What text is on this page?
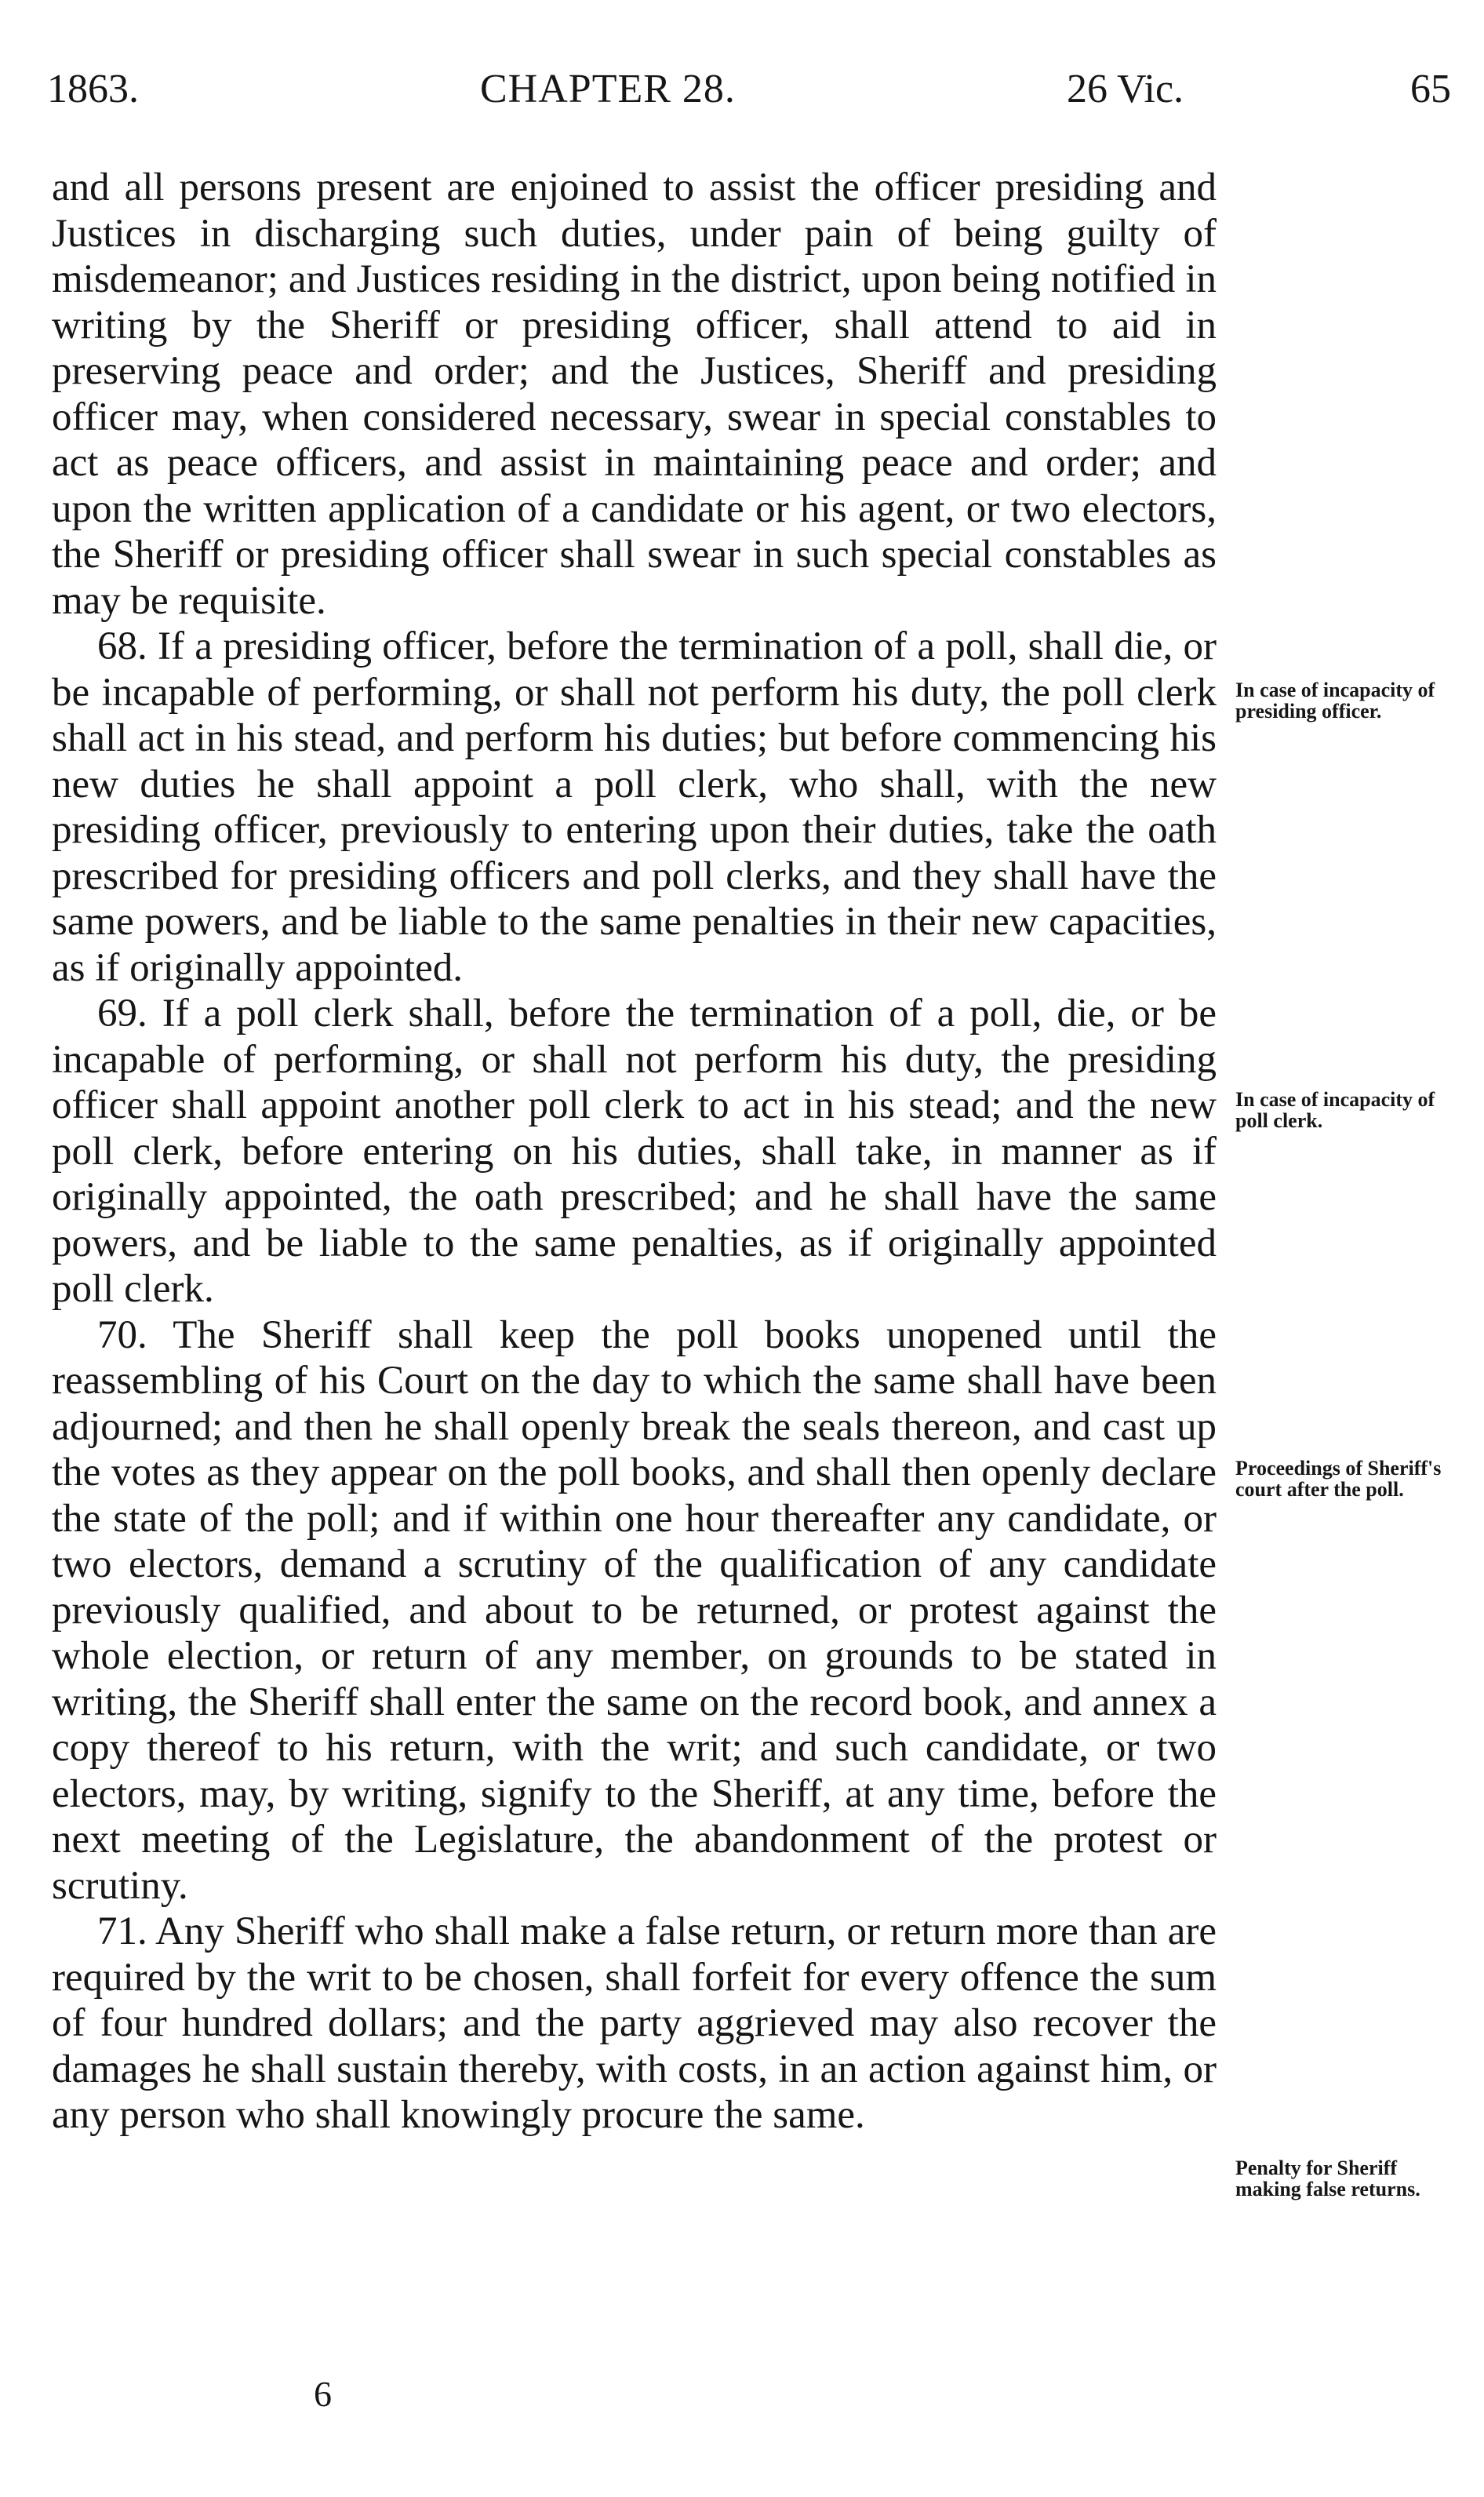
1863.	CHAPTER 28.	26 Vic.	65

and all persons present are enjoined to assist the officer presiding and Justices in discharging such duties, under pain of being guilty of misdemeanor; and Justices residing in the district, upon being notified in writing by the Sheriff or presiding officer, shall attend to aid in preserving peace and order; and the Justices, Sheriff and presiding officer may, when considered necessary, swear in special constables to act as peace officers, and assist in maintaining peace and order; and upon the written application of a candidate or his agent, or two electors, the Sheriff or presiding officer shall swear in such special constables as may be requisite.

68. If a presiding officer, before the termination of a poll, shall die, or be incapable of performing, or shall not perform his duty, the poll clerk shall act in his stead, and perform his duties; but before commencing his new duties he shall appoint a poll clerk, who shall, with the new presiding officer, previously to entering upon their duties, take the oath prescribed for presiding officers and poll clerks, and they shall have the same powers, and be liable to the same penalties in their new capacities, as if originally appointed.

69. If a poll clerk shall, before the termination of a poll, die, or be incapable of performing, or shall not perform his duty, the presiding officer shall appoint another poll clerk to act in his stead; and the new poll clerk, before entering on his duties, shall take, in manner as if originally appointed, the oath prescribed; and he shall have the same powers, and be liable to the same penalties, as if originally appointed poll clerk.

70. The Sheriff shall keep the poll books unopened until the reassembling of his Court on the day to which the same shall have been adjourned; and then he shall openly break the seals thereon, and cast up the votes as they appear on the poll books, and shall then openly declare the state of the poll; and if within one hour thereafter any candidate, or two electors, demand a scrutiny of the qualification of any candidate previously qualified, and about to be returned, or protest against the whole election, or return of any member, on grounds to be stated in writing, the Sheriff shall enter the same on the record book, and annex a copy thereof to his return, with the writ; and such candidate, or two electors, may, by writing, signify to the Sheriff, at any time, before the next meeting of the Legislature, the abandonment of the protest or scrutiny.

71. Any Sheriff who shall make a false return, or return more than are required by the writ to be chosen, shall forfeit for every offence the sum of four hundred dollars; and the party aggrieved may also recover the damages he shall sustain thereby, with costs, in an action against him, or any person who shall knowingly procure the same.

In case of incapacity of presiding officer.
In case of incapacity of poll clerk.
Proceedings of Sheriff's court after the poll.
Penalty for Sheriff making false returns.
6
